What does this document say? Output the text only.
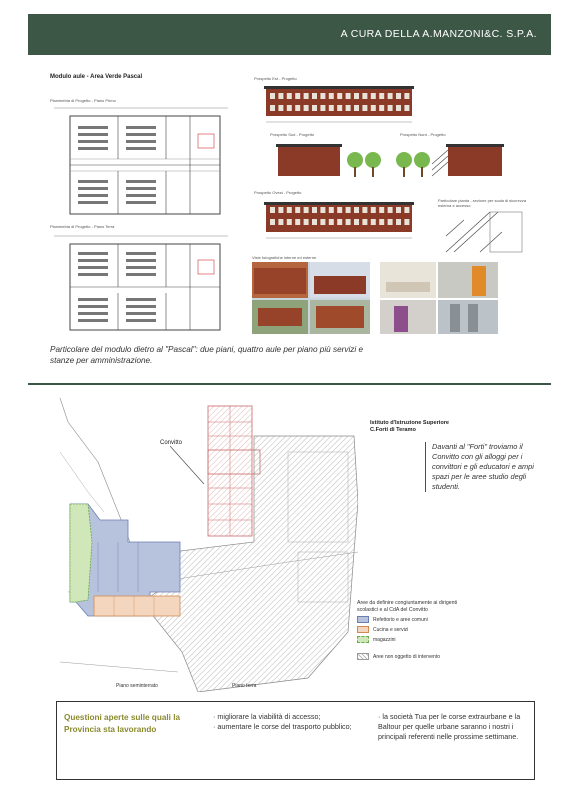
A CURA DELLA A.MANZONI&C. S.P.A.
Modulo aule - Area Verde Pascal
Planimetria di Progetto - Piano Primo
Planimetria di Progetto - Piano Terra
Prospetto Est - Progetto
Prospetto Sud - Progetto	Prospetto Nord - Progetto
Prospetto Ovest - Progetto
Particolare pianta - sezione per scala di sicurezza esterna e accesso
Viste fotografiche interne ed esterne
Particolare del modulo dietro al "Pascal": due piani, quattro aule per piano più servizi e stanze per amministrazione.
Convitto
Piano seminterrato	Piano terra
Istituto d'Istruzione Superiore
C.Forti di Teramo
Davanti al "Forti" troviamo il Convitto con gli alloggi per i convittori e gli educatori e ampi spazi per le aree studio degli studenti.
Aree da definire congiuntamente ai dirigenti scolastici e al CdA del Convitto
Refettorio e aree comuni
Cucina e servizi
magazzini
Aree non oggetto di intervento
Questioni aperte sulle quali la Provincia sta lavorando

· migliorare la viabilità di accesso;

· aumentare le corse del trasporto pubblico;

· la società Tua per le corse extraurbane e la Baltour per quelle urbane saranno i nostri i principali referenti nelle prossime settimane.
